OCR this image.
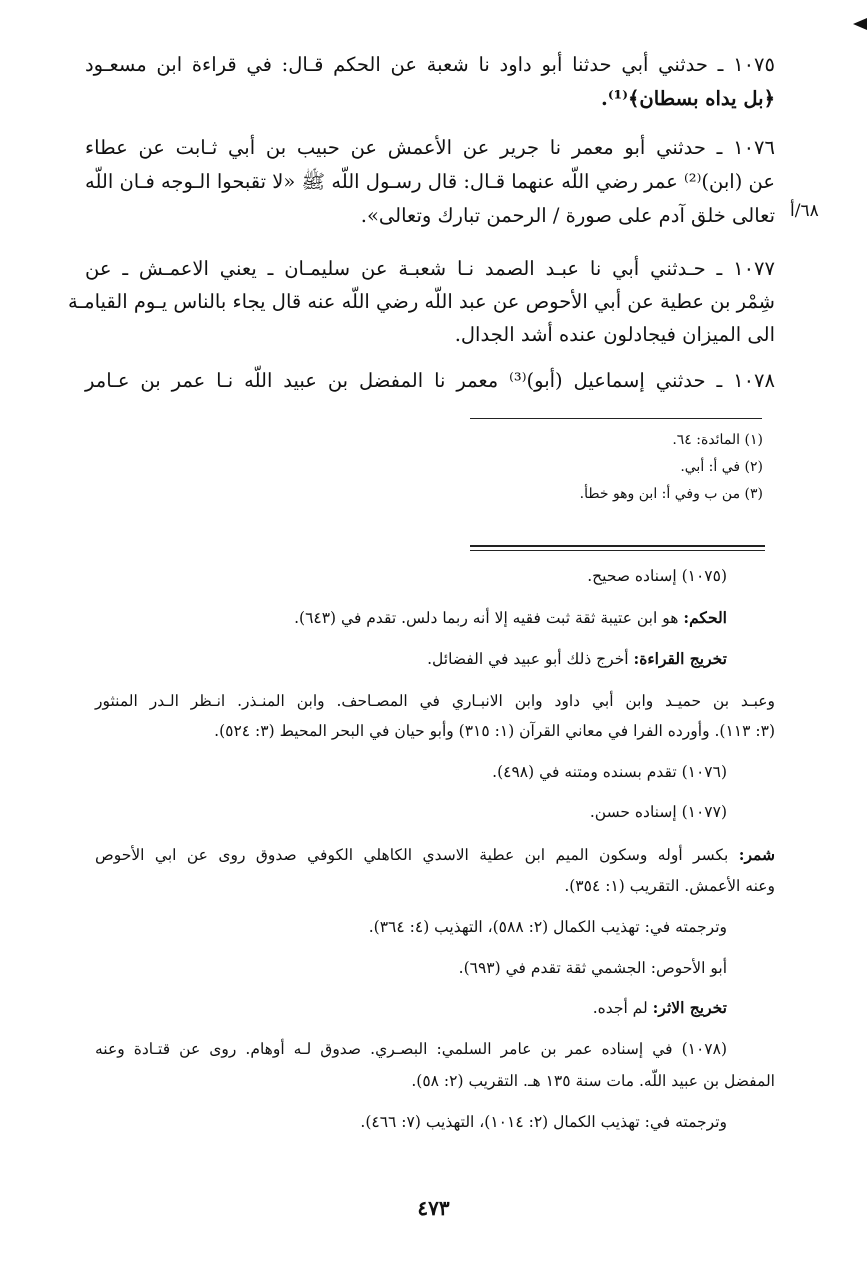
١٠٧٥ ـ حدثني أبي حدثنا أبو داود نا شعبة عن الحكم قـال: في قراءة ابن مسعـود
﴿بل يداه بسطان﴾⁽¹⁾.
١٠٧٦ ـ حدثني أبو معمر نا جرير عن الأعمش عن حبيب بن أبي ثـابت عن عطاء
عن (ابن)⁽²⁾ عمر رضي اللّه عنهما قـال: قال رسـول اللّه ﷺ «لا تقبحوا الـوجه فـان اللّه
تعالى خلق آدم على صورة / الرحمن تبارك وتعالى». ٦٨/أ
١٠٧٧ ـ حـدثني أبي نا عبـد الصمد نـا شعبـة عن سليمـان ـ يعني الاعمـش ـ عن
شِمْر بن عطية عن أبي الأحوص عن عبد اللّه رضي اللّه عنه قال يجاء بالناس يـوم القيامـة
الى الميزان فيجادلون عنده أشد الجدال.
١٠٧٨ ـ حدثني إسماعيل (أبو)⁽³⁾ معمر نا المفضل بن عبيد اللّه نـا عمر بن عـامر
(١) المائدة: ٦٤.
(٢) في أ: أبي.
(٣) من ب وفي أ: ابن وهو خطأ.
(١٠٧٥) إسناده صحيح.
الحكم: هو ابن عتيبة ثقة ثبت فقيه إلا أنه ربما دلس. تقدم في (٦٤٣).
تخريج القراءة: أخرج ذلك أبو عبيد في الفضائل.
وعبـد بن حميـد وابن أبي داود وابن الانبـاري في المصـاحف. وابن المنـذر. انـظر الـدر المنثور
(٣: ١١٣). وأورده الفرا في معاني القرآن (١: ٣١٥) وأبو حيان في البحر المحيط (٣: ٥٢٤).
(١٠٧٦) تقدم بسنده ومتنه في (٤٩٨).
(١٠٧٧) إسناده حسن.
شمر: بكسر أوله وسكون الميم ابن عطية الاسدي الكاهلي الكوفي صدوق روى عن ابي الأحوص
وعنه الأعمش. التقريب (١: ٣٥٤).
وترجمته في: تهذيب الكمال (٢: ٥٨٨)، التهذيب (٤: ٣٦٤).
أبو الأحوص: الجشمي ثقة تقدم في (٦٩٣).
تخريج الاثر: لم أجده.
(١٠٧٨) في إسناده عمر بن عامر السلمي: البصـري. صدوق لـه أوهام. روى عن قتـادة وعنه
المفضل بن عبيد اللّه. مات سنة ١٣٥ هـ. التقريب (٢: ٥٨).
وترجمته في: تهذيب الكمال (٢: ١٠١٤)، التهذيب (٧: ٤٦٦).
٤٧٣
